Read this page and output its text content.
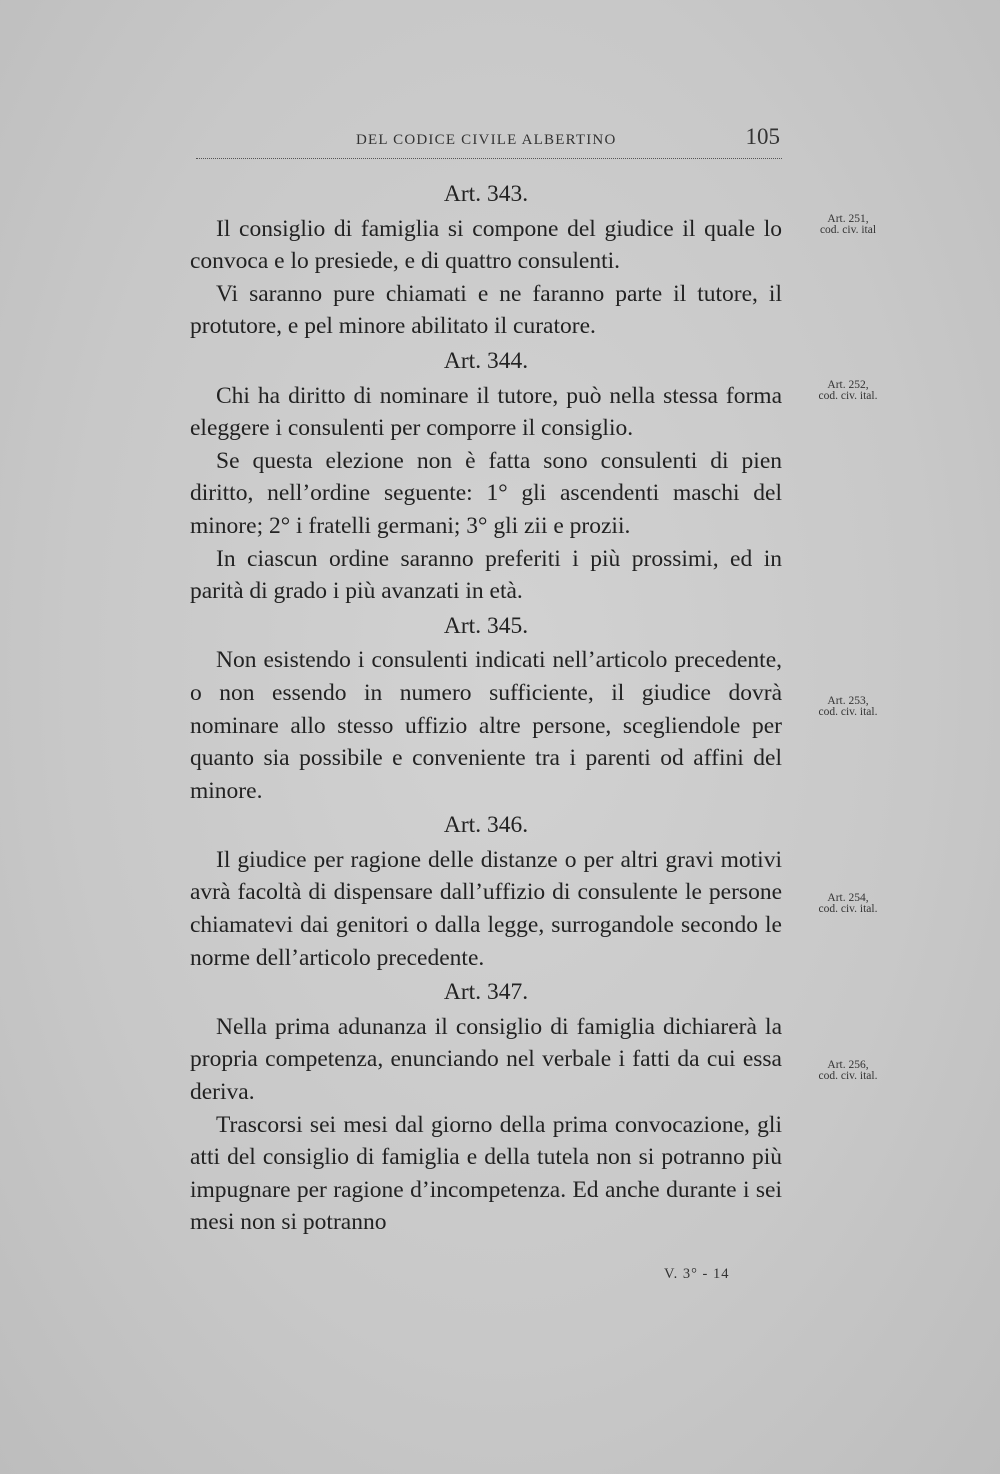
DEL CODICE CIVILE ALBERTINO	105
Art. 343.

Il consiglio di famiglia si compone del giudice il quale lo convoca e lo presiede, e di quattro consulenti.

Vi saranno pure chiamati e ne faranno parte il tutore, il protutore, e pel minore abilitato il curatore.

Art. 344.

Chi ha diritto di nominare il tutore, può nella stessa forma eleggere i consulenti per comporre il consiglio.

Se questa elezione non è fatta sono consulenti di pien diritto, nell’ordine seguente: 1° gli ascendenti maschi del minore; 2° i fratelli germani; 3° gli zii e prozii.

In ciascun ordine saranno preferiti i più prossimi, ed in parità di grado i più avanzati in età.

Art. 345.

Non esistendo i consulenti indicati nell’articolo precedente, o non essendo in numero sufficiente, il giudice dovrà nominare allo stesso uffizio altre persone, scegliendole per quanto sia possibile e conveniente tra i parenti od affini del minore.

Art. 346.

Il giudice per ragione delle distanze o per altri gravi motivi avrà facoltà di dispensare dall’uffizio di consulente le persone chiamatevi dai genitori o dalla legge, surrogandole secondo le norme dell’articolo precedente.

Art. 347.

Nella prima adunanza il consiglio di famiglia dichiarerà la propria competenza, enunciando nel verbale i fatti da cui essa deriva.

Trascorsi sei mesi dal giorno della prima convocazione, gli atti del consiglio di famiglia e della tutela non si potranno più impugnare per ragione d’incompetenza. Ed anche durante i sei mesi non si potranno

Art. 251,
cod. civ. ital
Art. 252,
cod. civ. ital.
Art. 253,
cod. civ. ital.
Art. 254,
cod. civ. ital.
Art. 256,
cod. civ. ital.
V. 3° - 14
